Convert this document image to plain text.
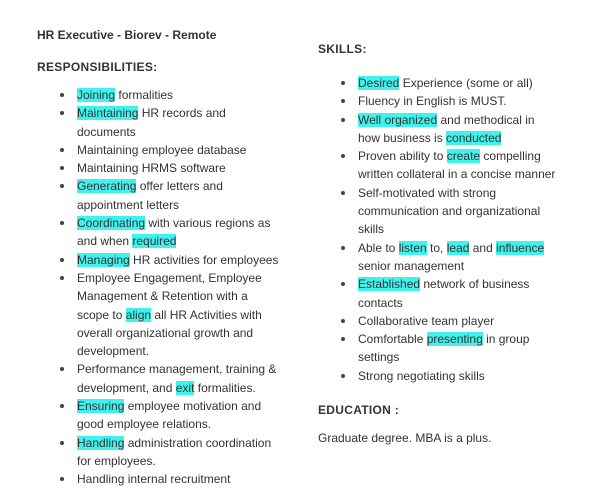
HR Executive - Biorev - Remote
RESPONSIBILITIES:
Joining formalities
Maintaining HR records and documents
Maintaining employee database
Maintaining HRMS software
Generating offer letters and appointment letters
Coordinating with various regions as and when required
Managing HR activities for employees
Employee Engagement, Employee Management & Retention with a scope to align all HR Activities with overall organizational growth and development.
Performance management, training & development, and exit formalities.
Ensuring employee motivation and good employee relations.
Handling administration coordination for employees.
Handling internal recruitment
SKILLS:
Desired Experience (some or all)
Fluency in English is MUST.
Well organized and methodical in how business is conducted
Proven ability to create compelling written collateral in a concise manner
Self-motivated with strong communication and organizational skills
Able to listen to, lead and influence senior management
Established network of business contacts
Collaborative team player
Comfortable presenting in group settings
Strong negotiating skills
EDUCATION :
Graduate degree. MBA is a plus.
